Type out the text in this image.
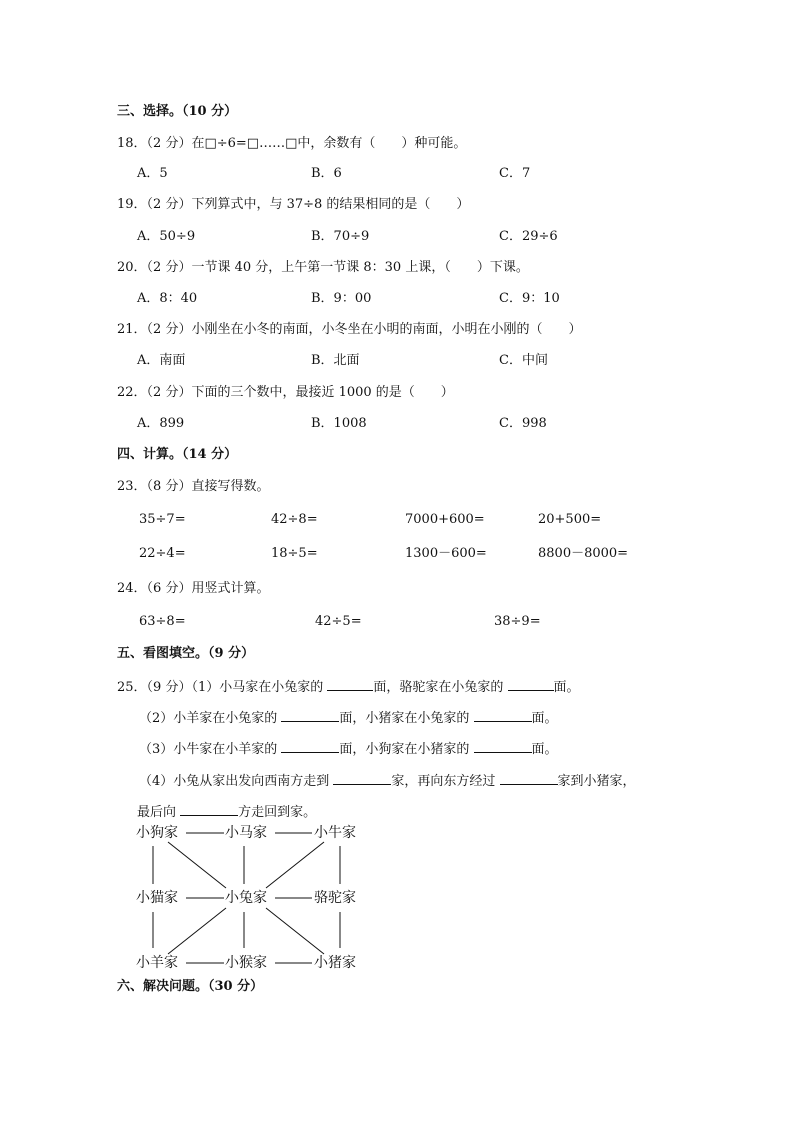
三、选择。（10 分）
18．（2 分）在□÷6=□……□中，余数有（　　）种可能。
A．5	B．6	C．7
19．（2 分）下列算式中，与 37÷8 的结果相同的是（　　）
A．50÷9	B．70÷9	C．29÷6
20．（2 分）一节课 40 分，上午第一节课 8：30 上课，（　　）下课。
A．8：40	B．9：00	C．9：10
21．（2 分）小刚坐在小冬的南面，小冬坐在小明的南面，小明在小刚的（　　）
A．南面	B．北面	C．中间
22．（2 分）下面的三个数中，最接近 1000 的是（　　）
A．899	B．1008	C．998
四、计算。（14 分）
23．（8 分）直接写得数。
35÷7=	42÷8=	7000+600=	20+500=
22÷4=	18÷5=	1300－600=	8800－8000=
24．（6 分）用竖式计算。
63÷8=	42÷5=	38÷9=
五、看图填空。（9 分）
25．（9 分）（1）小马家在小兔家的	面，骆驼家在小兔家的	面。
（2）小羊家在小兔家的	面，小猪家在小兔家的	面。
（3）小牛家在小羊家的	面，小狗家在小猪家的	面。
（4）小兔从家出发向西南方走到	家，再向东方经过	家到小猪家，
最后向	方走回到家。
小狗家	小马家	小牛家
小猫家	小兔家	骆驼家
小羊家	小猴家	小猪家
六、解决问题。（30 分）
